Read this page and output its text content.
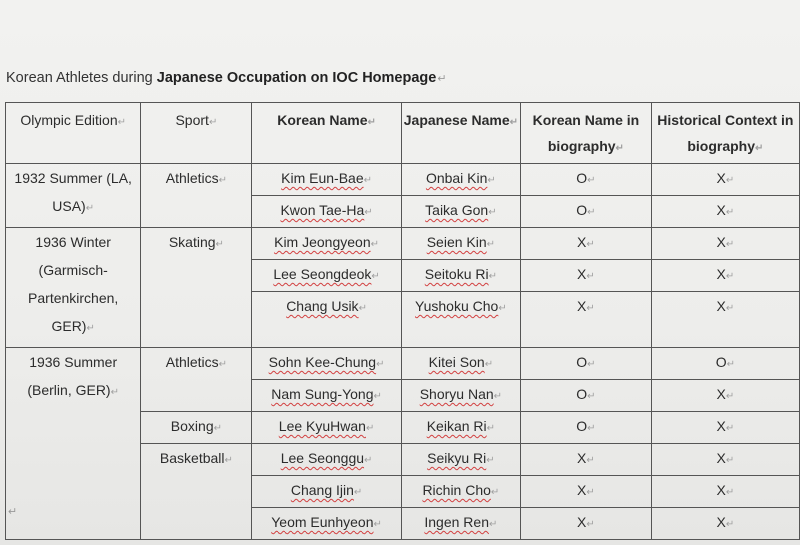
Korean Athletes during Japanese Occupation on IOC Homepage↵
Olympic Edition↵	Sport↵	Korean Name↵	Japanese Name↵	Korean Name in biography↵	Historical Context in biography↵
1932 Summer (LA, USA)↵	Athletics↵	Kim Eun-Bae↵	Onbai Kin↵	O↵	X↵
		Kwon Tae-Ha↵	Taika Gon↵	O↵	X↵
1936 Winter (Garmisch-Partenkirchen, GER)↵	Skating↵	Kim Jeongyeon↵	Seien Kin↵	X↵	X↵
		Lee Seongdeok↵	Seitoku Ri↵	X↵	X↵
		Chang Usik↵	Yushoku Cho↵	X↵	X↵
1936 Summer (Berlin, GER)↵	Athletics↵	Sohn Kee-Chung↵	Kitei Son↵	O↵	O↵
		Nam Sung-Yong↵	Shoryu Nan↵	O↵	X↵
	Boxing↵	Lee KyuHwan↵	Keikan Ri↵	O↵	X↵
	Basketball↵	Lee Seonggu↵	Seikyu Ri↵	X↵	X↵
		Chang Ijin↵	Richin Cho↵	X↵	X↵
		Yeom Eunhyeon↵	Ingen Ren↵	X↵	X↵
↵
